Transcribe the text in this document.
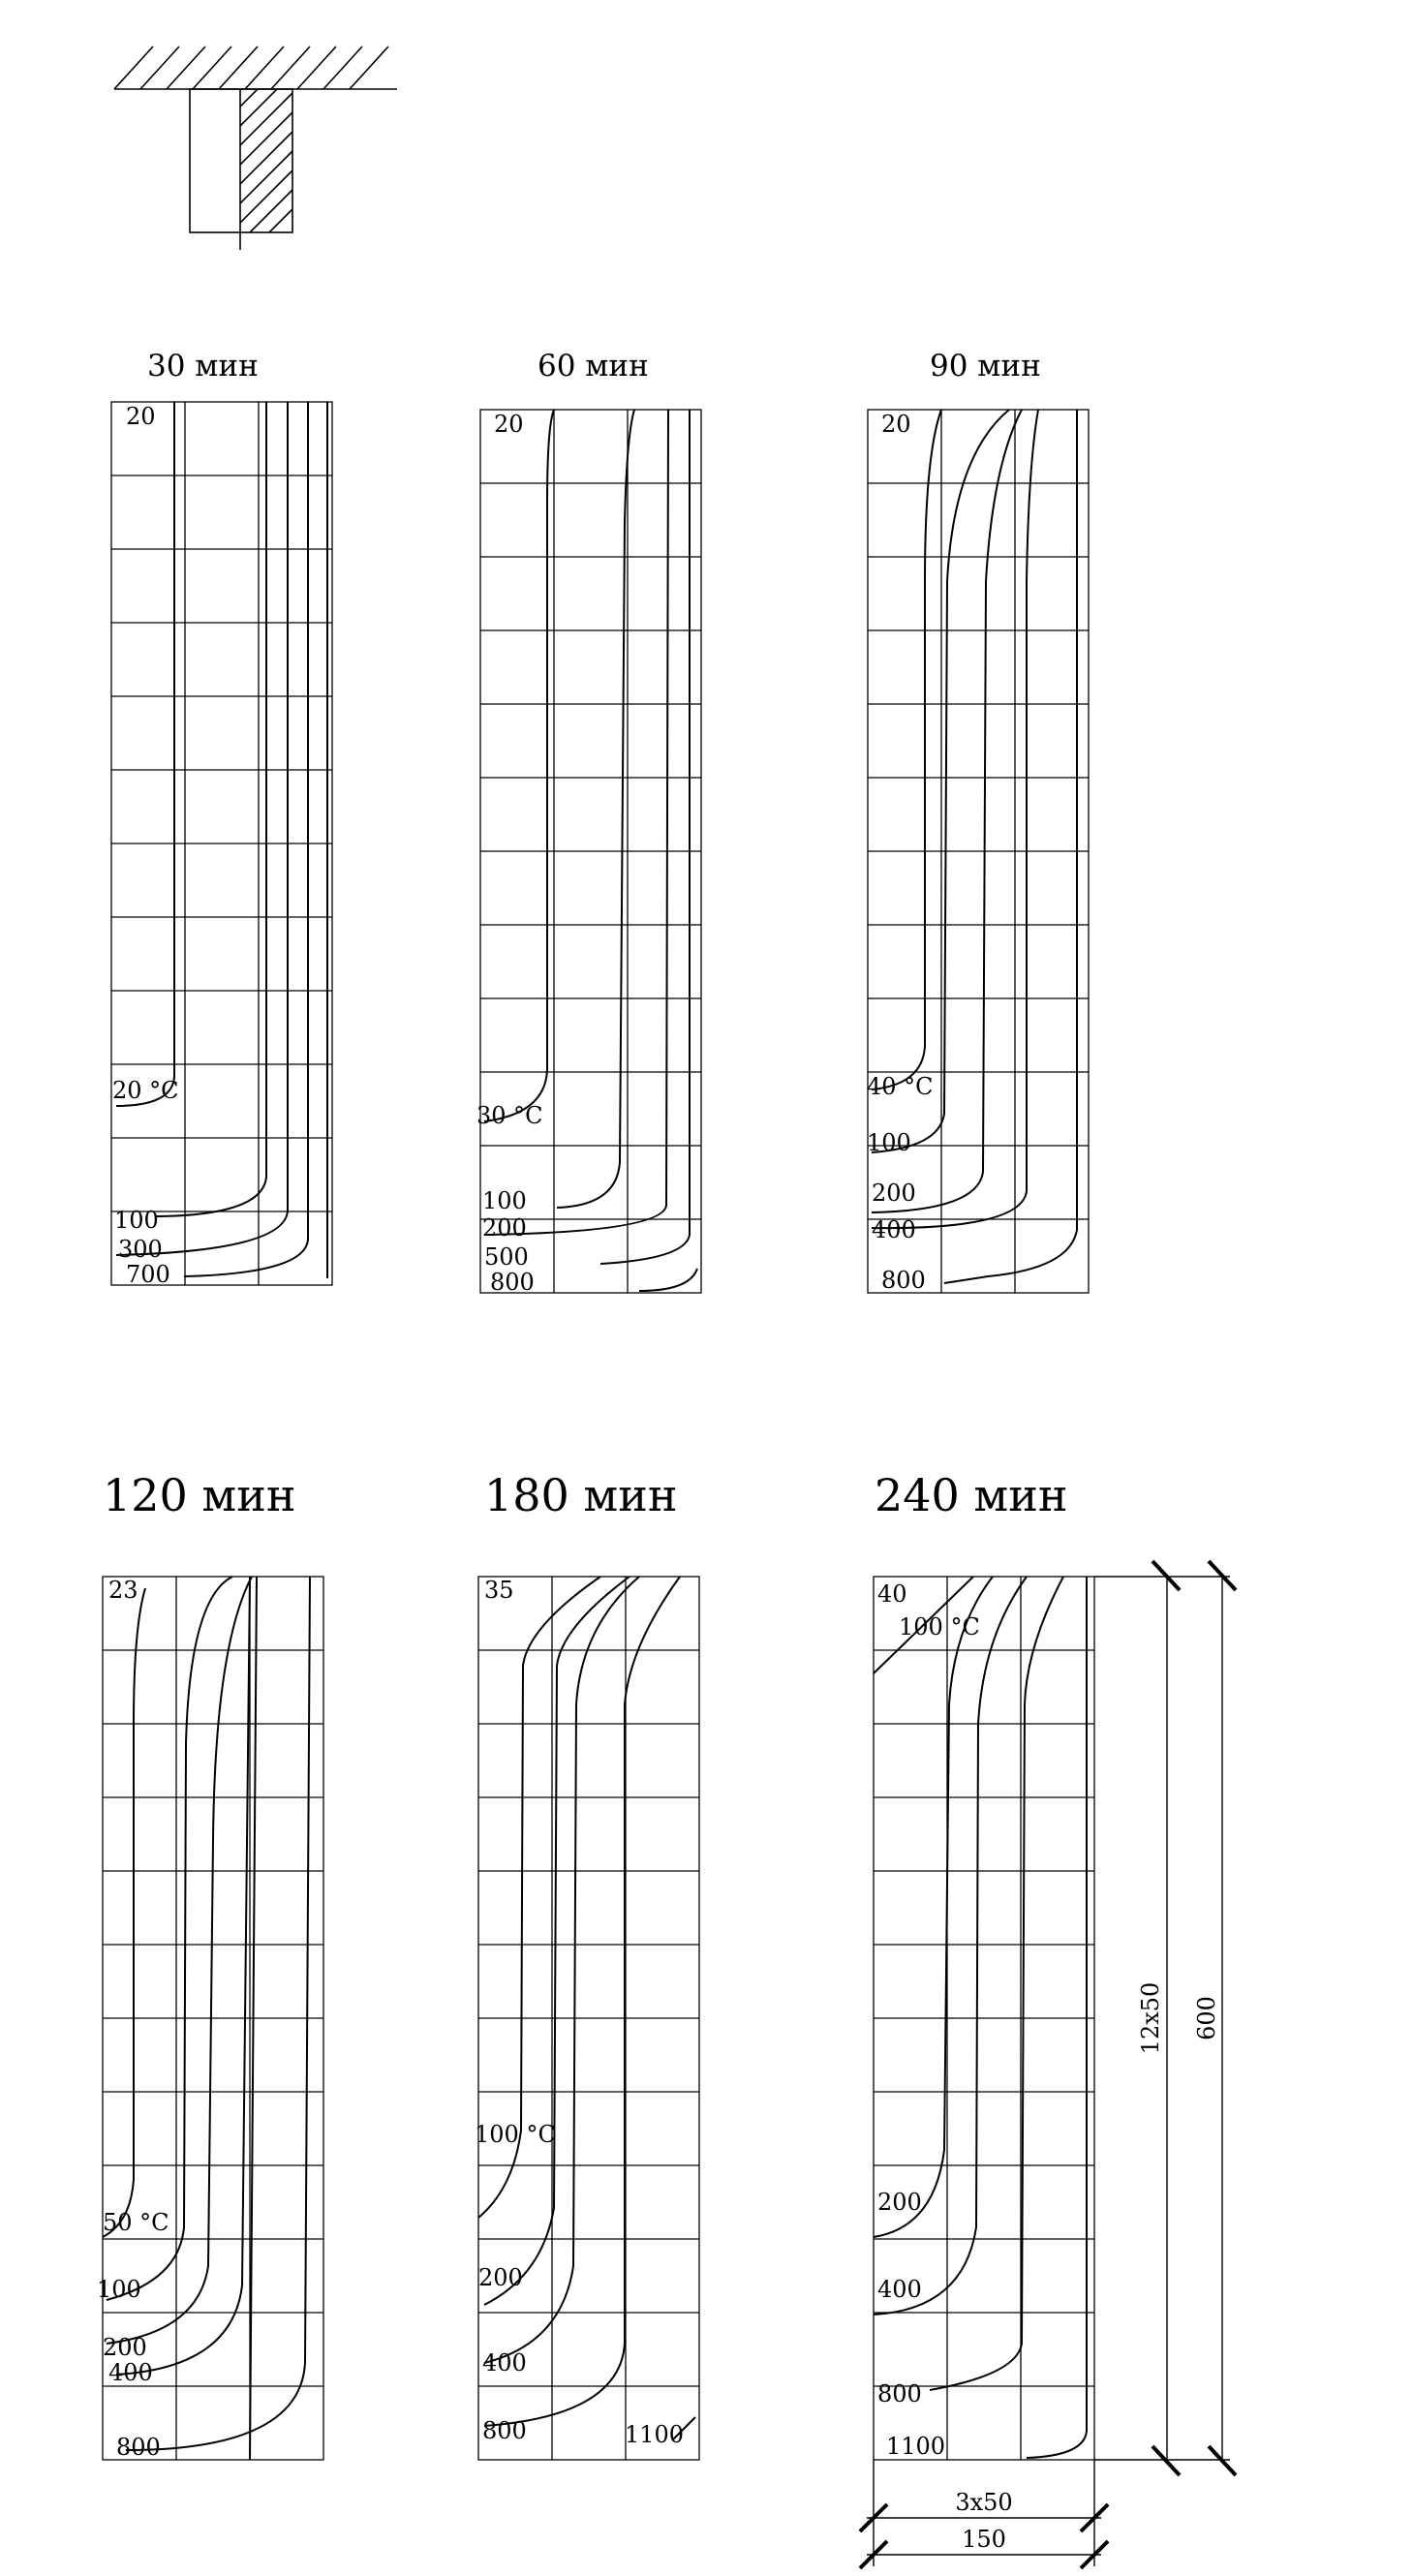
30 мин
20
20 °C
100
300
700
60 мин
20
30 °C
100
200
500
800
90 мин
20
40 °C
100
200
400
800
120 мин
23
50 °C
100
200
400
800
180 мин
35
100 °C
200
400
800	1100
240 мин
40
100 °C
200
400
800
1100
12x50 600
3x50
150
